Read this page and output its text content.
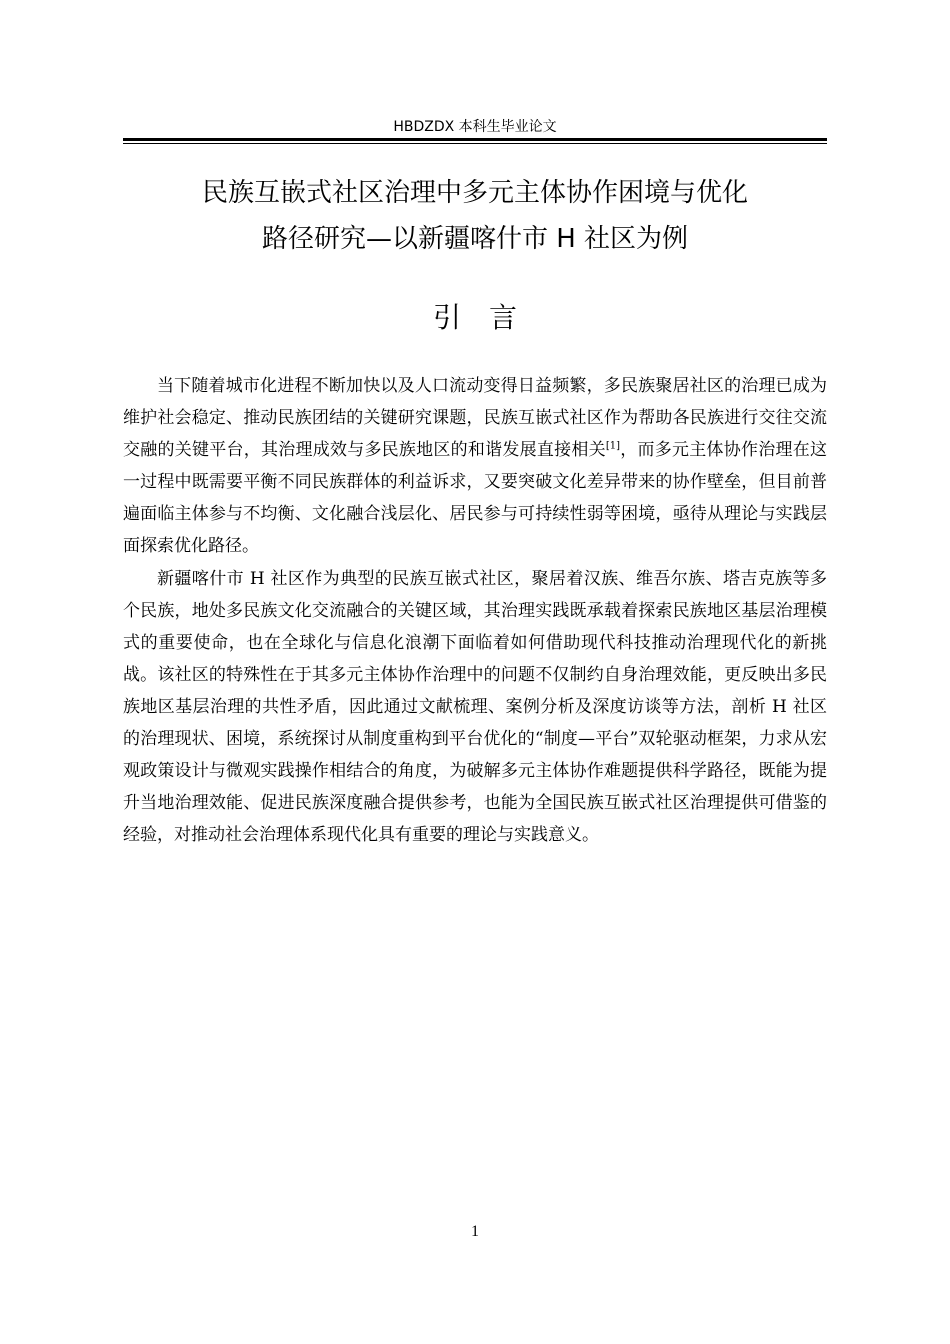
HBDZDX 本科生毕业论文
民族互嵌式社区治理中多元主体协作困境与优化
路径研究—以新疆喀什市 H 社区为例
引言

当下随着城市化进程不断加快以及人口流动变得日益频繁，多民族聚居社区的治理已成为维护社会稳定、推动民族团结的关键研究课题，民族互嵌式社区作为帮助各民族进行交往交流交融的关键平台，其治理成效与多民族地区的和谐发展直接相关[1]，而多元主体协作治理在这一过程中既需要平衡不同民族群体的利益诉求，又要突破文化差异带来的协作壁垒，但目前普遍面临主体参与不均衡、文化融合浅层化、居民参与可持续性弱等困境，亟待从理论与实践层面探索优化路径。

新疆喀什市 H 社区作为典型的民族互嵌式社区，聚居着汉族、维吾尔族、塔吉克族等多个民族，地处多民族文化交流融合的关键区域，其治理实践既承载着探索民族地区基层治理模式的重要使命，也在全球化与信息化浪潮下面临着如何借助现代科技推动治理现代化的新挑战。该社区的特殊性在于其多元主体协作治理中的问题不仅制约自身治理效能，更反映出多民族地区基层治理的共性矛盾，因此通过文献梳理、案例分析及深度访谈等方法，剖析 H 社区的治理现状、困境，系统探讨从制度重构到平台优化的“制度—平台”双轮驱动框架，力求从宏观政策设计与微观实践操作相结合的角度，为破解多元主体协作难题提供科学路径，既能为提升当地治理效能、促进民族深度融合提供参考，也能为全国民族互嵌式社区治理提供可借鉴的经验，对推动社会治理体系现代化具有重要的理论与实践意义。

1
